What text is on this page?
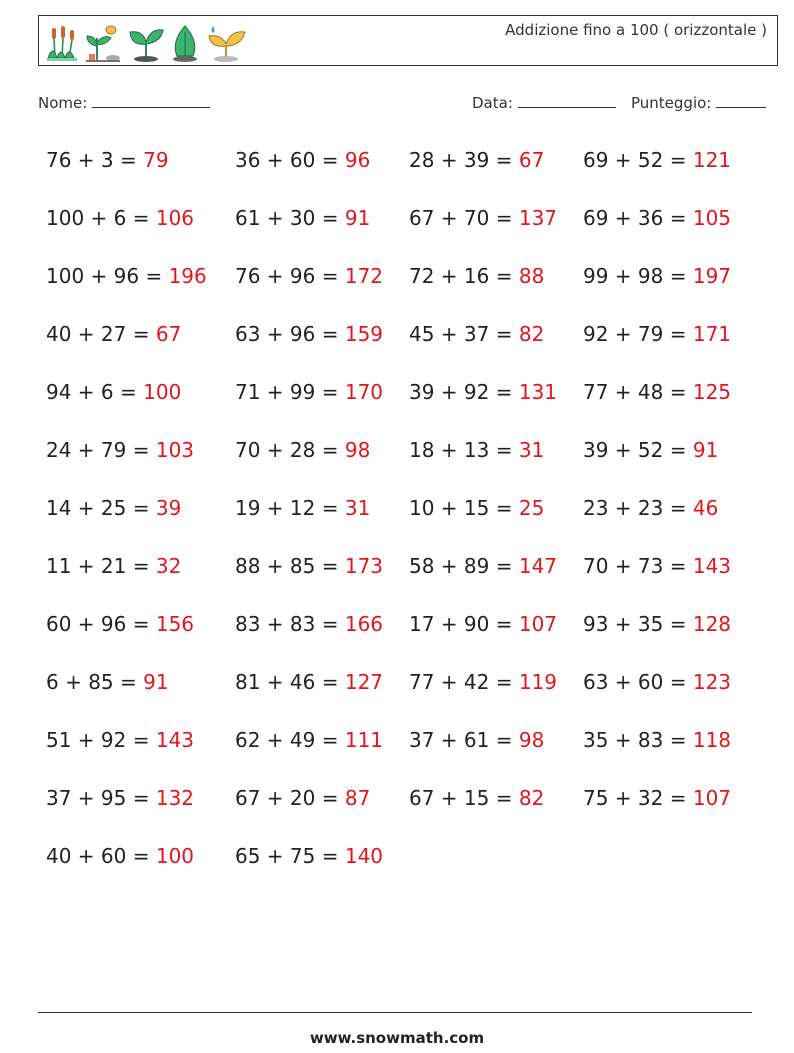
Addizione fino a 100 ( orizzontale )
Nome:	Data:	Punteggio:
76 + 3 = 79	36 + 60 = 96 28 + 39 = 67 69 + 52 = 121
100 + 6 = 106 61 + 30 = 91 67 + 70 = 137 69 + 36 = 105
100 + 96 = 196 76 + 96 = 172 72 + 16 = 88 99 + 98 = 197
40 + 27 = 67	63 + 96 = 159 45 + 37 = 82 92 + 79 = 171
94 + 6 = 100	71 + 99 = 170 39 + 92 = 131 77 + 48 = 125
24 + 79 = 103 70 + 28 = 98 18 + 13 = 31 39 + 52 = 91
14 + 25 = 39	19 + 12 = 31 10 + 15 = 25 23 + 23 = 46
11 + 21 = 32	88 + 85 = 173 58 + 89 = 147 70 + 73 = 143
60 + 96 = 156 83 + 83 = 166 17 + 90 = 107 93 + 35 = 128
6 + 85 = 91	81 + 46 = 127 77 + 42 = 119 63 + 60 = 123
51 + 92 = 143 62 + 49 = 111 37 + 61 = 98 35 + 83 = 118
37 + 95 = 132 67 + 20 = 87 67 + 15 = 82 75 + 32 = 107
40 + 60 = 100 65 + 75 = 140
www.snowmath.com
